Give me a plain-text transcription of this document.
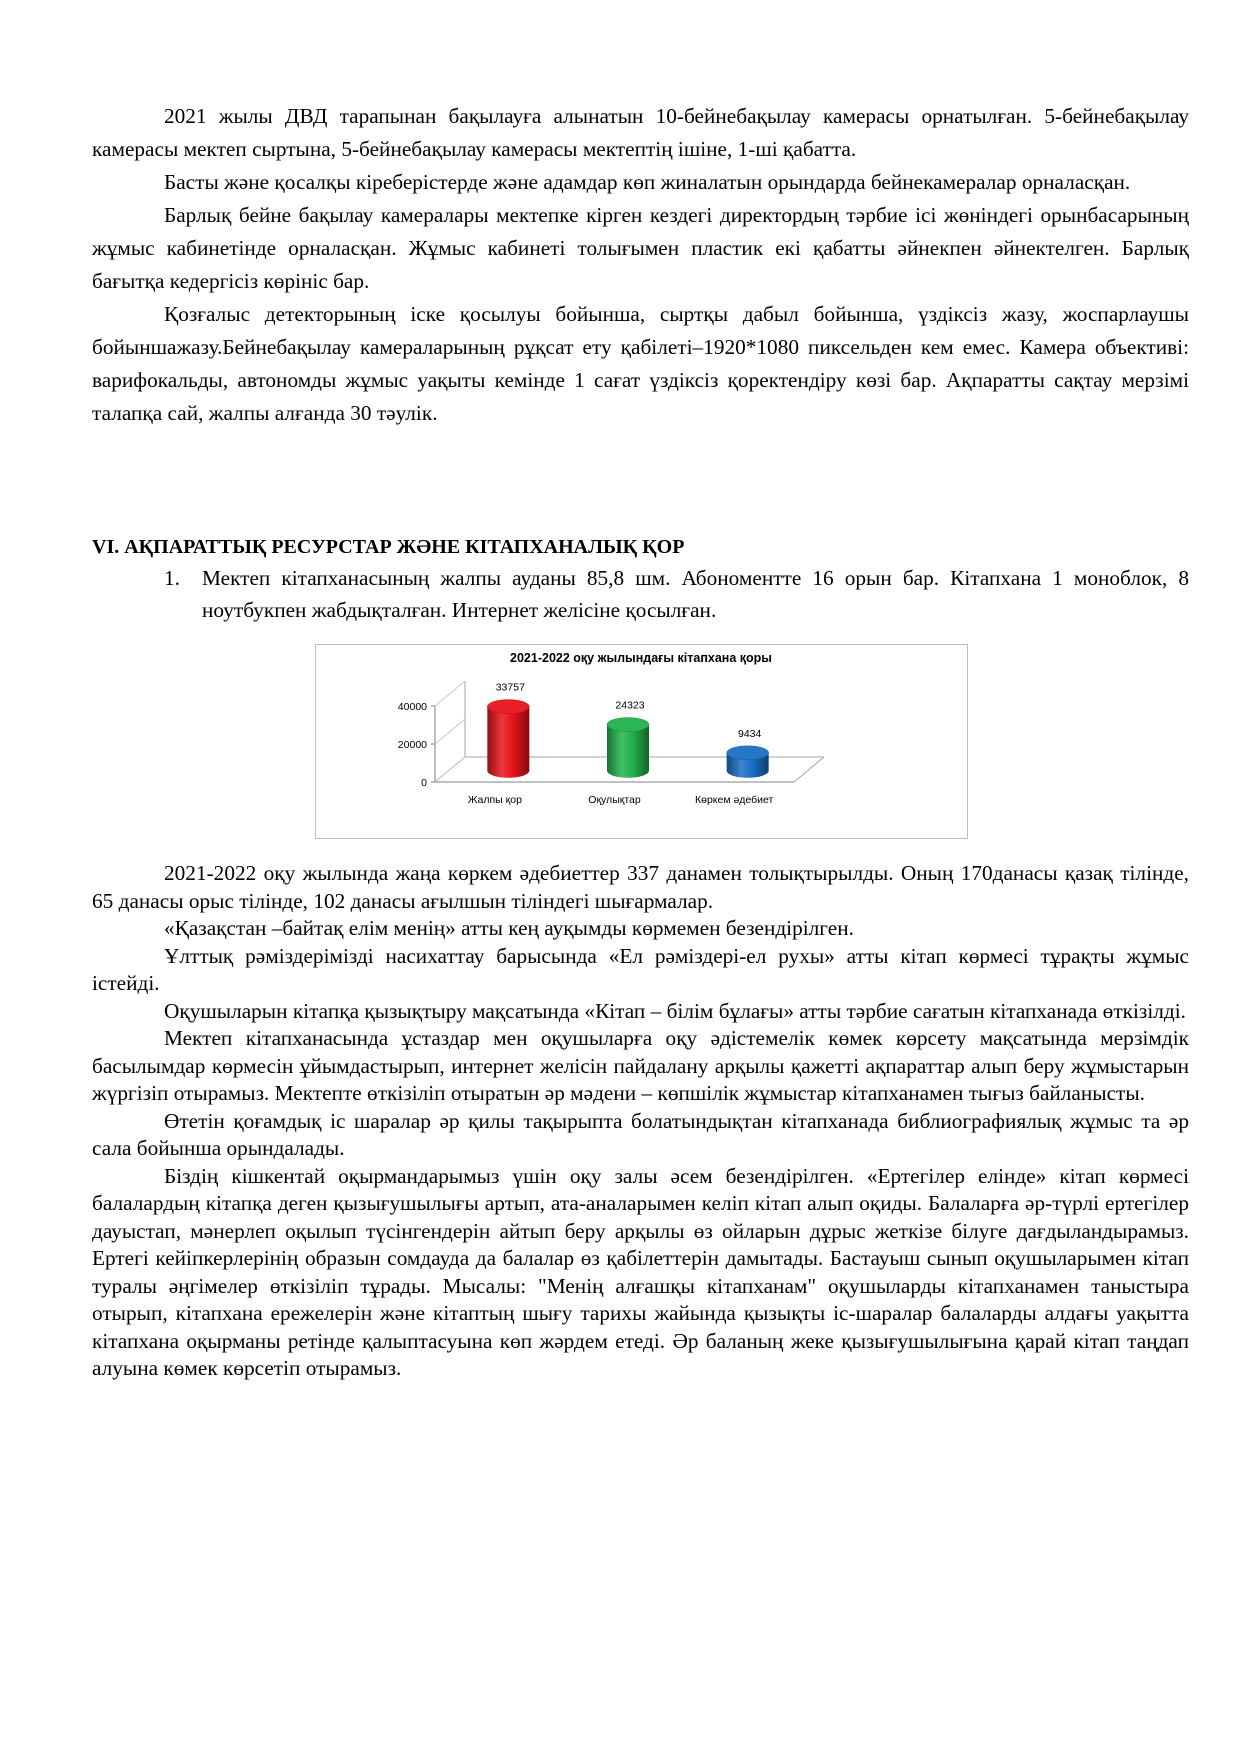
2021 жылы ДВД тарапынан бақылауға алынатын 10-бейнебақылау камерасы орнатылған. 5-бейнебақылау камерасы мектеп сыртына, 5-бейнебақылау камерасы мектептің ішіне, 1-ші қабатта.

Басты және қосалқы кіреберістерде және адамдар көп жиналатын орындарда бейнекамералар орналасқан.

Барлық бейне бақылау камералары мектепке кірген кездегі директордың тәрбие ісі жөніндегі орынбасарының жұмыс кабинетінде орналасқан. Жұмыс кабинеті толығымен пластик екі қабатты әйнекпен әйнектелген. Барлық бағытқа кедергісіз көрініс бар.

Қозғалыс детекторының іске қосылуы бойынша, сыртқы дабыл бойынша, үздіксіз жазу, жоспарлаушы бойыншажазу.Бейнебақылау камераларының рұқсат ету қабілеті–1920*1080 пиксельден кем емес. Камера объективі: варифокальды, автономды жұмыс уақыты кемінде 1 сағат үздіксіз қоректендіру көзі бар. Ақпаратты сақтау мерзімі талапқа сай, жалпы алғанда 30 тәулік.

VI. АҚПАРАТТЫҚ РЕСУРСТАР ЖӘНЕ КІТАПХАНАЛЫҚ ҚОР

1. Мектеп кітапханасының жалпы ауданы 85,8 шм. Абономентте 16 орын бар. Кітапхана 1 моноблок, 8 ноутбукпен жабдықталған. Интернет желісіне қосылған.

2021-2022 оқу жылындағы кітапхана қоры
0
20000
40000
33757
Жалпы қор
24323
Оқулықтар
9434
Көркем әдебиет

2021-2022 оқу жылында жаңа көркем әдебиеттер 337 данамен толықтырылды. Оның 170данасы қазақ тілінде, 65 данасы орыс тілінде, 102 данасы ағылшын тіліндегі шығармалар.

«Қазақстан –байтақ елім менің» атты кең ауқымды көрмемен безендірілген.

Ұлттық рәміздерімізді насихаттау барысында «Ел рәміздері-ел рухы» атты кітап көрмесі тұрақты жұмыс істейді.

Оқушыларын кітапқа қызықтыру мақсатында «Кітап – білім бұлағы» атты тәрбие сағатын кітапханада өткізілді.

Мектеп кітапханасында ұстаздар мен оқушыларға оқу әдістемелік көмек көрсету мақсатында мерзімдік басылымдар көрмесін ұйымдастырып, интернет желісін пайдалану арқылы қажетті ақпараттар алып беру жұмыстарын жүргізіп отырамыз. Мектепте өткізіліп отыратын әр мәдени – көпшілік жұмыстар кітапханамен тығыз байланысты.

Өтетін қоғамдық іс шаралар әр қилы тақырыпта болатындықтан кітапханада библиографиялық жұмыс та әр сала бойынша орындалады.

Біздің кішкентай оқырмандарымыз үшін оқу залы әсем безендірілген. «Ертегілер елінде» кітап көрмесі балалардың кітапқа деген қызығушылығы артып, ата-аналарымен келіп кітап алып оқиды. Балаларға әр-түрлі ертегілер дауыстап, мәнерлеп оқылып түсінгендерін айтып беру арқылы өз ойларын дұрыс жеткізе білуге дағдыландырамыз. Ертегі кейіпкерлерінің образын сомдауда да балалар өз қабілеттерін дамытады. Бастауыш сынып оқушыларымен кітап туралы әңгімелер өткізіліп тұрады. Мысалы: "Менің алғашқы кітапханам" оқушыларды кітапханамен таныстыра отырып, кітапхана ережелерін және кітаптың шығу тарихы жайында қызықты іс-шаралар балаларды алдағы уақытта кітапхана оқырманы ретінде қалыптасуына көп жәрдем етеді. Әр баланың жеке қызығушылығына қарай кітап таңдап алуына көмек көрсетіп отырамыз.
